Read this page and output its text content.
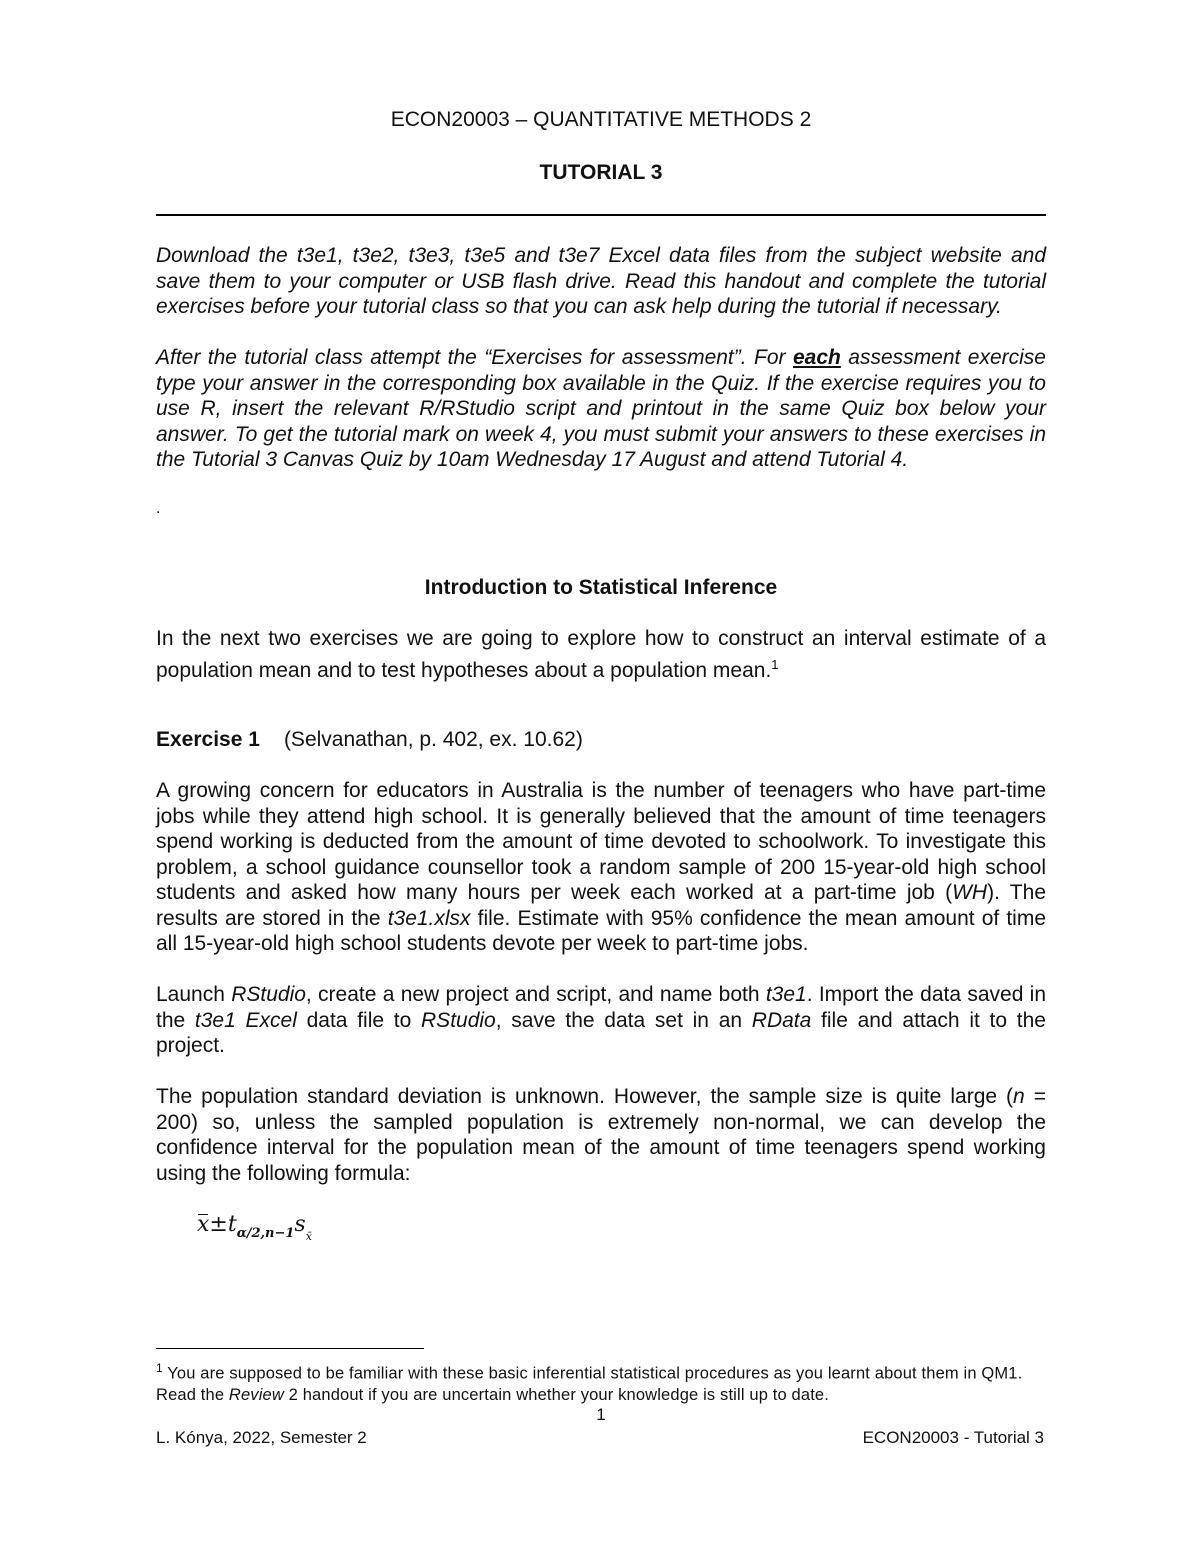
ECON20003 – QUANTITATIVE METHODS 2
TUTORIAL 3

Download the t3e1, t3e2, t3e3, t3e5 and t3e7 Excel data files from the subject website and save them to your computer or USB flash drive. Read this handout and complete the tutorial exercises before your tutorial class so that you can ask help during the tutorial if necessary.

After the tutorial class attempt the “Exercises for assessment”. For each assessment exercise type your answer in the corresponding box available in the Quiz. If the exercise requires you to use R, insert the relevant R/RStudio script and printout in the same Quiz box below your answer. To get the tutorial mark on week 4, you must submit your answers to these exercises in the Tutorial 3 Canvas Quiz by 10am Wednesday 17 August and attend Tutorial 4.

.
Introduction to Statistical Inference

In the next two exercises we are going to explore how to construct an interval estimate of a population mean and to test hypotheses about a population mean.$^1$

Exercise 1 (Selvanathan, p. 402, ex. 10.62)

A growing concern for educators in Australia is the number of teenagers who have part-time jobs while they attend high school. It is generally believed that the amount of time teenagers spend working is deducted from the amount of time devoted to schoolwork. To investigate this problem, a school guidance counsellor took a random sample of 200 15-year-old high school students and asked how many hours per week each worked at a part-time job (WH). The results are stored in the t3e1.xlsx file. Estimate with 95% confidence the mean amount of time all 15-year-old high school students devote per week to part-time jobs.

Launch RStudio, create a new project and script, and name both t3e1. Import the data saved in the t3e1 Excel data file to RStudio, save the data set in an RData file and attach it to the project.

The population standard deviation is unknown. However, the sample size is quite large (n = 200) so, unless the sampled population is extremely non-normal, we can develop the confidence interval for the population mean of the amount of time teenagers spend working using the following formula:

$x\pm t_{\alpha/2,n-1}s_{x̄}$

$^1$ You are supposed to be familiar with these basic inferential statistical procedures as you learnt about them in QM1. Read the Review 2 handout if you are uncertain whether your knowledge is still up to date.

1
L. Kónya, 2022, Semester 2	ECON20003 - Tutorial 3
